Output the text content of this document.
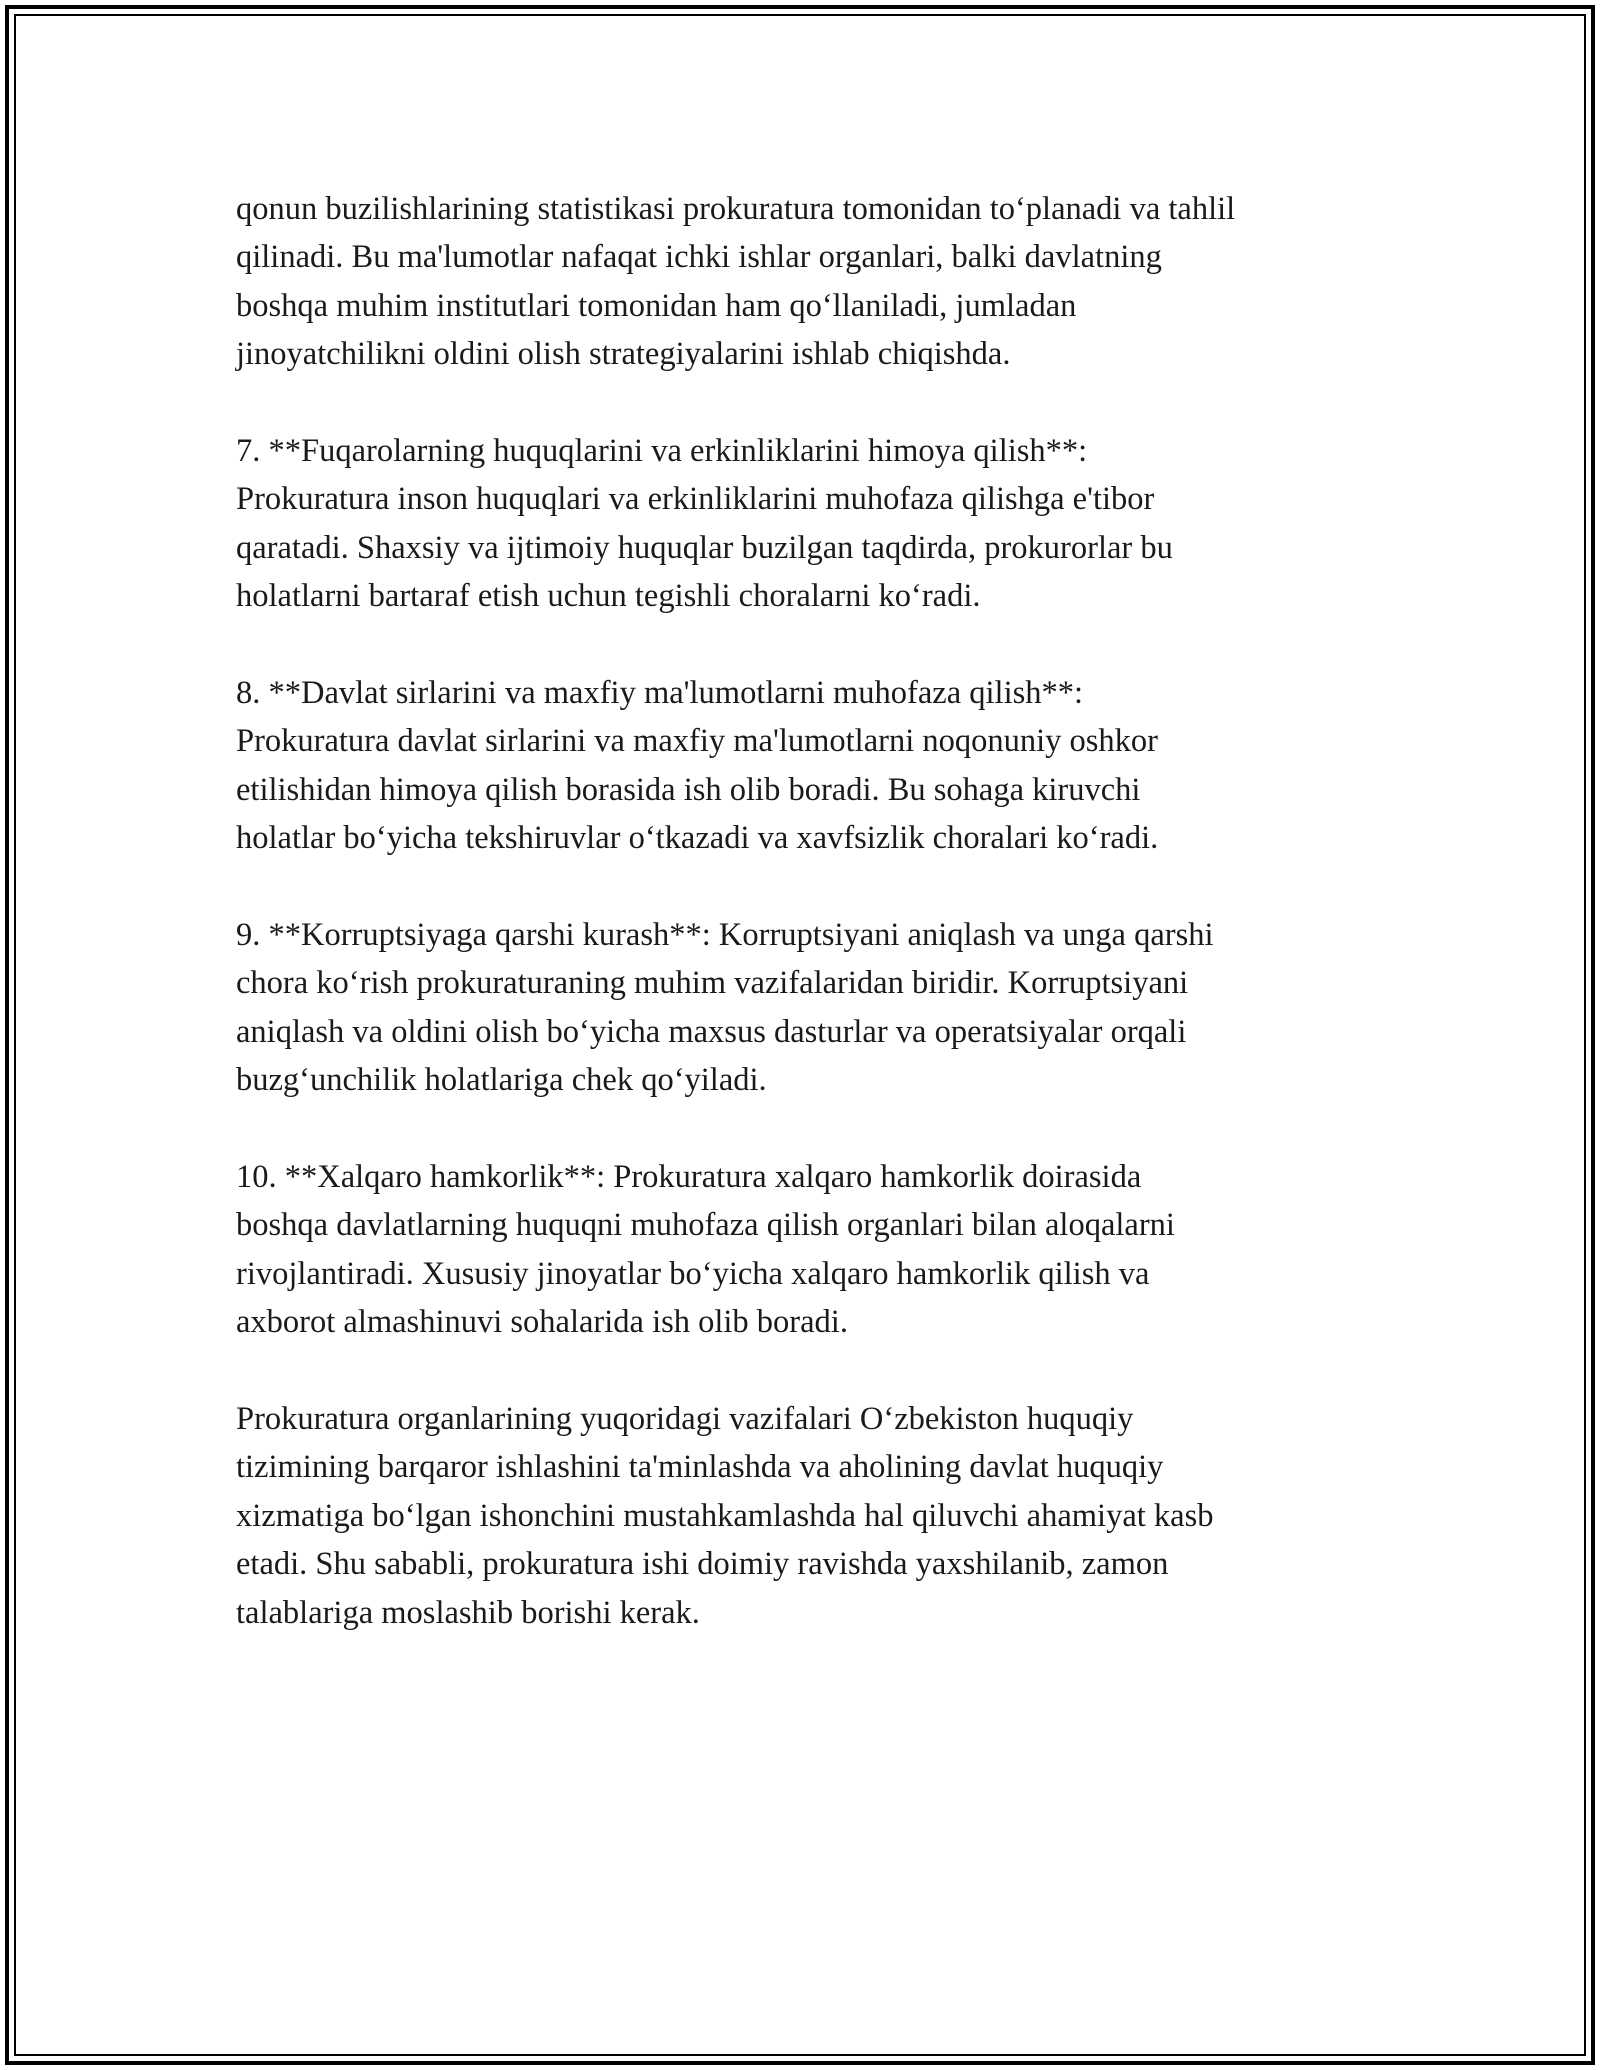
qonun buzilishlarining statistikasi prokuratura tomonidan to‘planadi va tahlil
qilinadi. Bu ma'lumotlar nafaqat ichki ishlar organlari, balki davlatning
boshqa muhim institutlari tomonidan ham qo‘llaniladi, jumladan
jinoyatchilikni oldini olish strategiyalarini ishlab chiqishda.

7. **Fuqarolarning huquqlarini va erkinliklarini himoya qilish**:
Prokuratura inson huquqlari va erkinliklarini muhofaza qilishga e'tibor
qaratadi. Shaxsiy va ijtimoiy huquqlar buzilgan taqdirda, prokurorlar bu
holatlarni bartaraf etish uchun tegishli choralarni ko‘radi.

8. **Davlat sirlarini va maxfiy ma'lumotlarni muhofaza qilish**:
Prokuratura davlat sirlarini va maxfiy ma'lumotlarni noqonuniy oshkor
etilishidan himoya qilish borasida ish olib boradi. Bu sohaga kiruvchi
holatlar bo‘yicha tekshiruvlar o‘tkazadi va xavfsizlik choralari ko‘radi.

9. **Korruptsiyaga qarshi kurash**: Korruptsiyani aniqlash va unga qarshi
chora ko‘rish prokuraturaning muhim vazifalaridan biridir. Korruptsiyani
aniqlash va oldini olish bo‘yicha maxsus dasturlar va operatsiyalar orqali
buzg‘unchilik holatlariga chek qo‘yiladi.

10. **Xalqaro hamkorlik**: Prokuratura xalqaro hamkorlik doirasida
boshqa davlatlarning huquqni muhofaza qilish organlari bilan aloqalarni
rivojlantiradi. Xususiy jinoyatlar bo‘yicha xalqaro hamkorlik qilish va
axborot almashinuvi sohalarida ish olib boradi.

Prokuratura organlarining yuqoridagi vazifalari O‘zbekiston huquqiy
tizimining barqaror ishlashini ta'minlashda va aholining davlat huquqiy
xizmatiga bo‘lgan ishonchini mustahkamlashda hal qiluvchi ahamiyat kasb
etadi. Shu sababli, prokuratura ishi doimiy ravishda yaxshilanib, zamon
talablariga moslashib borishi kerak.
